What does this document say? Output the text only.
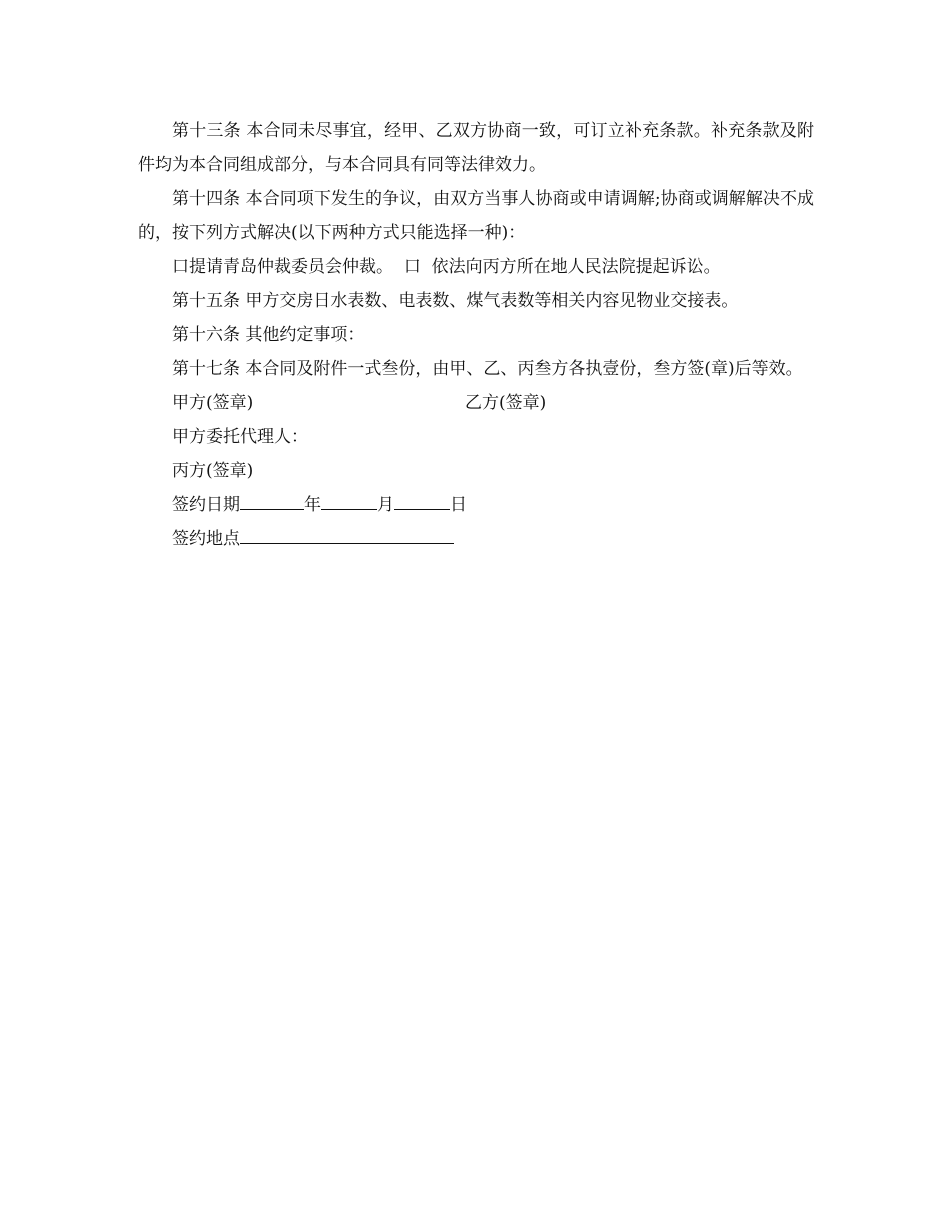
第十三条 本合同未尽事宜，经甲、乙双方协商一致，可订立补充条款。补充条款及附件均为本合同组成部分，与本合同具有同等法律效力。

第十四条 本合同项下发生的争议，由双方当事人协商或申请调解;协商或调解解决不成的，按下列方式解决(以下两种方式只能选择一种)：

口提请青岛仲裁委员会仲裁。 口 依法向丙方所在地人民法院提起诉讼。
第十五条 甲方交房日水表数、电表数、煤气表数等相关内容见物业交接表。
第十六条 其他约定事项：

第十七条 本合同及附件一式叁份，由甲、乙、丙叁方各执壹份，叁方签(章)后等效。

甲方(签章)	乙方(签章)
甲方委托代理人：
丙方(签章)
签约日期	年	月	日
签约地点
